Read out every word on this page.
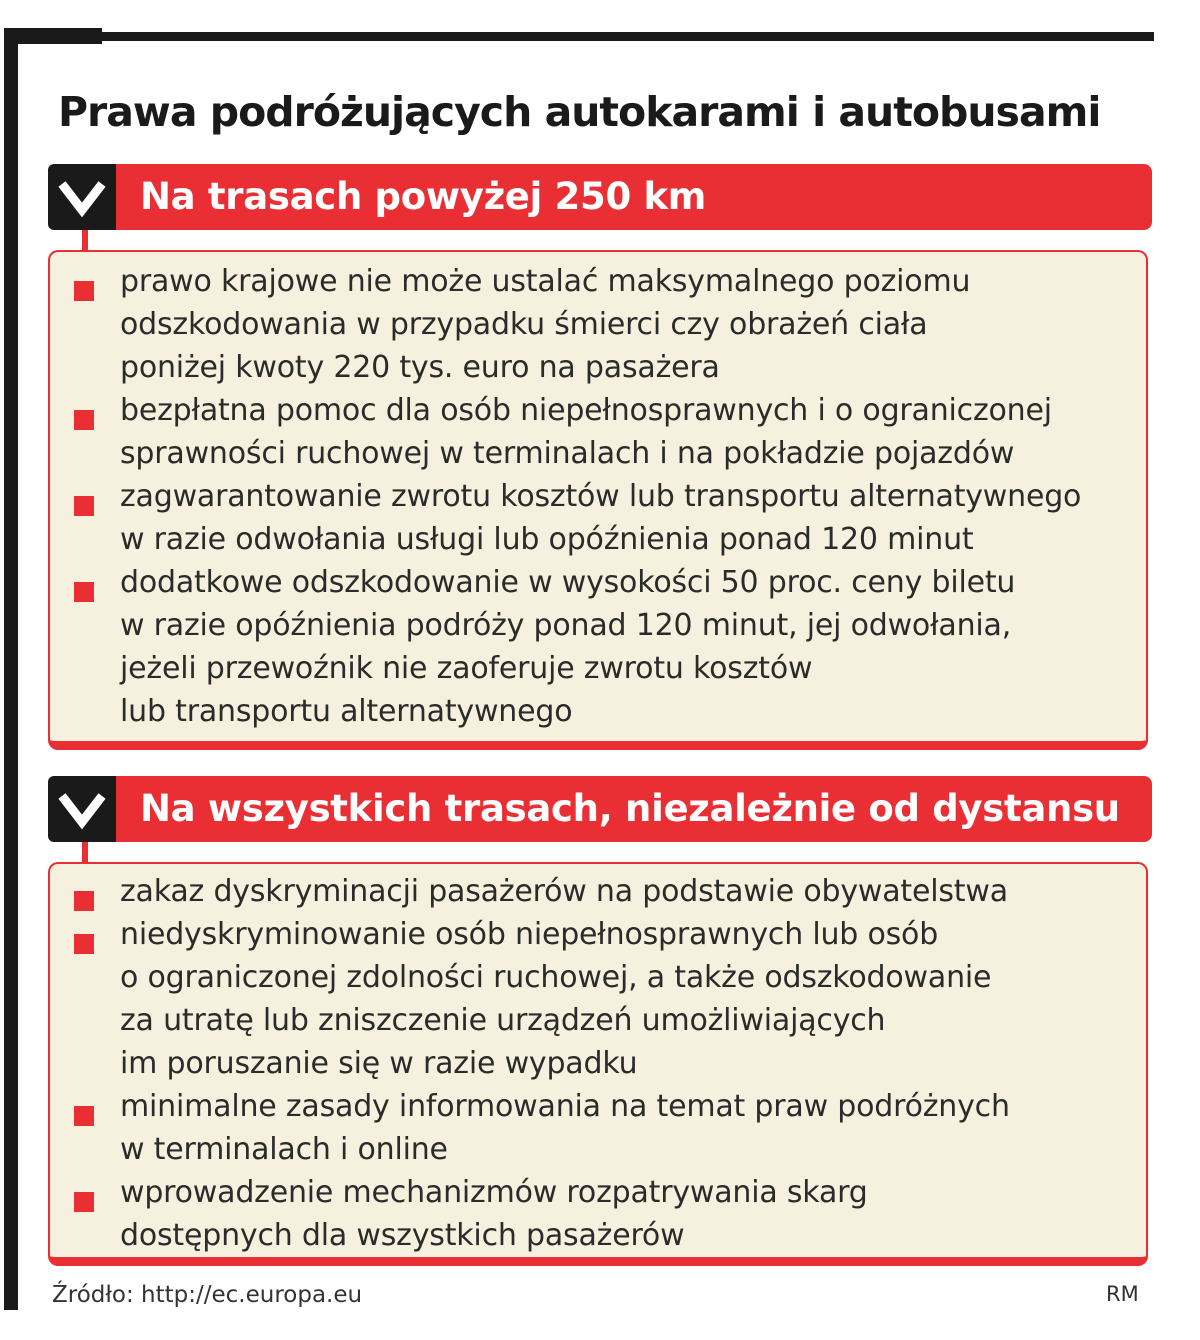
Prawa podróżujących autokarami i autobusami
Na trasach powyżej 250 km

prawo krajowe nie może ustalać maksymalnego poziomu

odszkodowania w przypadku śmierci czy obrażeń ciała

poniżej kwoty 220 tys. euro na pasażera

bezpłatna pomoc dla osób niepełnosprawnych i o ograniczonej

sprawności ruchowej w terminalach i na pokładzie pojazdów

zagwarantowanie zwrotu kosztów lub transportu alternatywnego

w razie odwołania usługi lub opóźnienia ponad 120 minut

dodatkowe odszkodowanie w wysokości 50 proc. ceny biletu

w razie opóźnienia podróży ponad 120 minut, jej odwołania,

jeżeli przewoźnik nie zaoferuje zwrotu kosztów

lub transportu alternatywnego

Na wszystkich trasach, niezależnie od dystansu

zakaz dyskryminacji pasażerów na podstawie obywatelstwa

niedyskryminowanie osób niepełnosprawnych lub osób

o ograniczonej zdolności ruchowej, a także odszkodowanie

za utratę lub zniszczenie urządzeń umożliwiających

im poruszanie się w razie wypadku

minimalne zasady informowania na temat praw podróżnych

w terminalach i online

wprowadzenie mechanizmów rozpatrywania skarg

dostępnych dla wszystkich pasażerów

Źródło: http://ec.europa.eu	RM
